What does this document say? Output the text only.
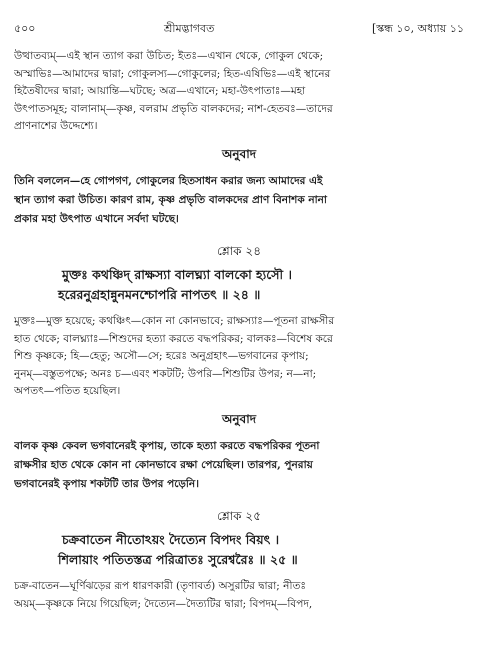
৫০০	শ্রীমদ্ভাগবত	[স্কন্ধ ১০, অধ্যায় ১১
উত্থাতব্যম্—এই স্থান ত্যাগ করা উচিত; ইতঃ—এখান থেকে, গোকুল থেকে;
অস্মাভিঃ—আমাদের দ্বারা; গোকুলস্য—গোকুলের; হিত-এষিভিঃ—এই স্থানের
হিতৈষীদের দ্বারা; আয়ান্তি—ঘটছে; অত্র—এখানে; মহা-উৎপাতাঃ—মহা
উৎপাতসমূহ; বালানাম্—কৃষ্ণ, বলরাম প্রভৃতি বালকদের; নাশ-হেতবঃ—তাদের
প্রাণনাশের উদ্দেশ্যে।
অনুবাদ
তিনি বললেন—হে গোপগণ, গোকুলের হিতসাধন করার জন্য আমাদের এই
স্থান ত্যাগ করা উচিত। কারণ রাম, কৃষ্ণ প্রভৃতি বালকদের প্রাণ বিনাশক নানা
প্রকার মহা উৎপাত এখানে সর্বদা ঘটছে।
শ্লোক ২৪
মুক্তঃ কথঞ্চিদ্ রাক্ষস্যা বালঘ্ন্যা বালকো হ্যসৌ ।
হরেরনুগ্রহান্নুনমনশ্চোপরি নাপতৎ ॥ ২৪ ॥
মুক্তঃ—মুক্ত হয়েছে; কথঞ্চিৎ—কোন না কোনভাবে; রাক্ষস্যাঃ—পূতনা রাক্ষসীর
হাত থেকে; বালঘ্ন্যাঃ—শিশুদের হত্যা করতে বদ্ধপরিকর; বালকঃ—বিশেষ করে
শিশু কৃষ্ণকে; হি—হেতু; অসৌ—সে; হরেঃ অনুগ্রহাৎ—ভগবানের কৃপায়;
নুনম্—বস্তুতপক্ষে; অনঃ চ—এবং শকটটি; উপরি—শিশুটির উপর; ন—না;
অপতৎ—পতিত হয়েছিল।
অনুবাদ
বালক কৃষ্ণ কেবল ভগবানেরই কৃপায়, তাকে হত্যা করতে বদ্ধপরিকর পূতনা
রাক্ষসীর হাত থেকে কোন না কোনভাবে রক্ষা পেয়েছিল। তারপর, পুনরায়
ভগবানেরই কৃপায় শকটটি তার উপর পড়েনি।
শ্লোক ২৫
চক্রবাতেন নীতোঽয়ং দৈত্যেন বিপদং বিয়ৎ ।
শিলায়াং পতিতস্তত্র পরিত্রাতঃ সুরেশ্বরৈঃ ॥ ২৫ ॥
চক্র-বাতেন—ঘূর্ণিঝড়ের রূপ ধারণকারী (তৃণাবর্ত) অসুরটির দ্বারা; নীতঃ
অয়ম্—কৃষ্ণকে নিয়ে গিয়েছিল; দৈত্যেন—দৈত্যটির দ্বারা; বিপদম্—বিপদ,
